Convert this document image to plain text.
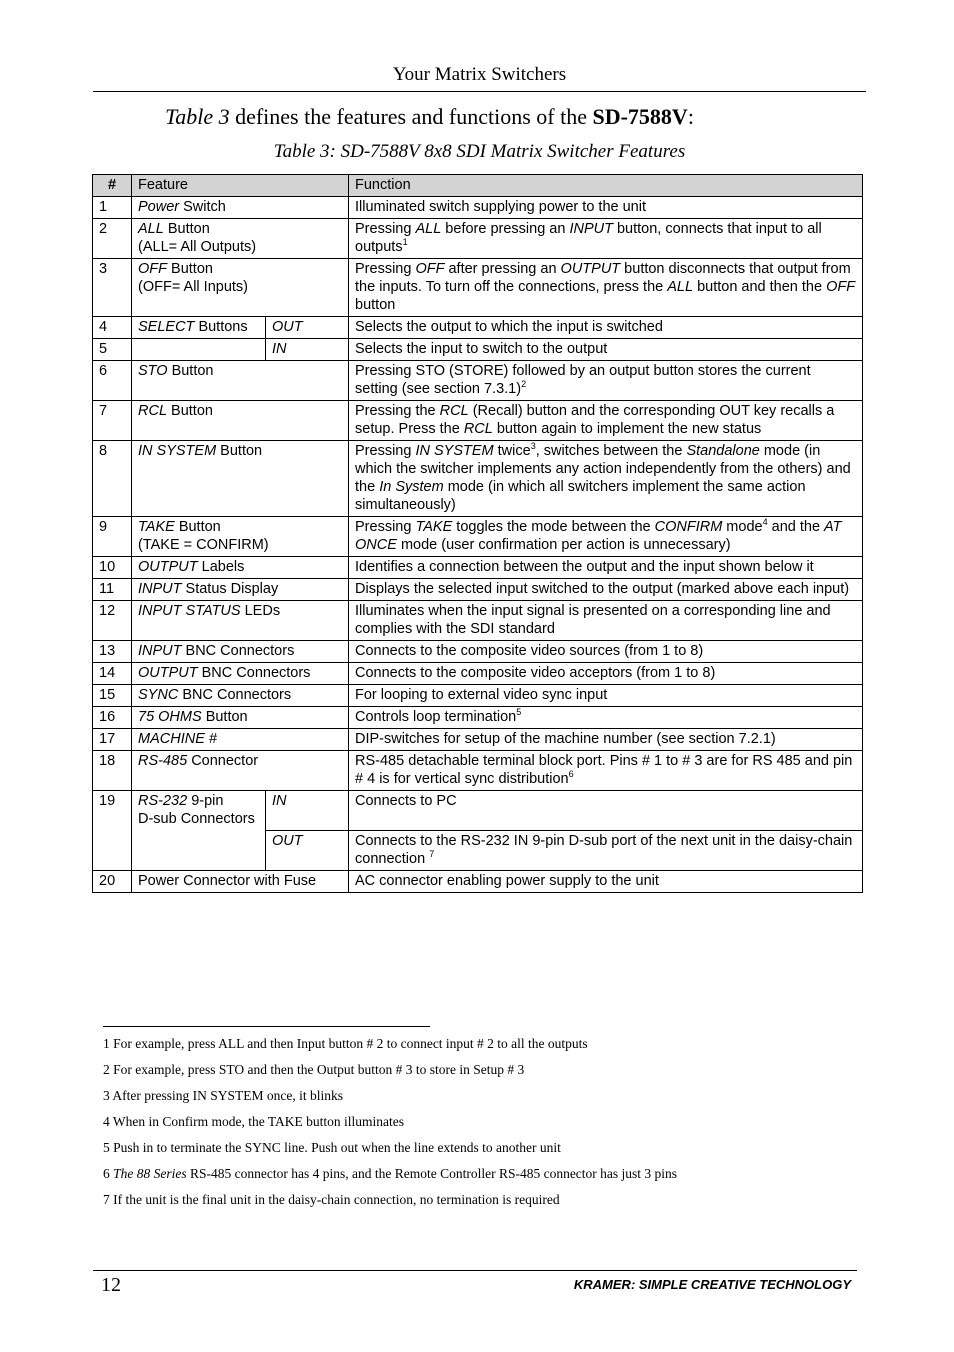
Your Matrix Switchers
Table 3 defines the features and functions of the SD-7588V:
Table 3: SD-7588V 8x8 SDI Matrix Switcher Features
#	Feature		Function
1	Power Switch		Illuminated switch supplying power to the unit
2	ALL Button
(ALL= All Outputs)		Pressing ALL before pressing an INPUT button, connects that input to all outputs$^1$
3	OFF Button
(OFF= All Inputs)		Pressing OFF after pressing an OUTPUT button disconnects that output from the inputs. To turn off the connections, press the ALL button and then the OFF button
4	SELECT Buttons	OUT	Selects the output to which the input is switched
5		IN	Selects the input to switch to the output
6	STO Button		Pressing STO (STORE) followed by an output button stores the current setting (see section 7.3.1)$^2$
7	RCL Button		Pressing the RCL (Recall) button and the corresponding OUT key recalls a setup. Press the RCL button again to implement the new status
8	IN SYSTEM Button		Pressing IN SYSTEM twice$^3$, switches between the Standalone mode (in which the switcher implements any action independently from the others) and the In System mode (in which all switchers implement the same action simultaneously)
9	TAKE Button
(TAKE = CONFIRM)		Pressing TAKE toggles the mode between the CONFIRM mode$^4$ and the AT ONCE mode (user confirmation per action is unnecessary)
10	OUTPUT Labels		Identifies a connection between the output and the input shown below it
11	INPUT Status Display		Displays the selected input switched to the output (marked above each input)
12	INPUT STATUS LEDs		Illuminates when the input signal is presented on a corresponding line and complies with the SDI standard
13	INPUT BNC Connectors		Connects to the composite video sources (from 1 to 8)
14	OUTPUT BNC Connectors		Connects to the composite video acceptors (from 1 to 8)
15	SYNC BNC Connectors		For looping to external video sync input
16	75 OHMS Button		Controls loop termination$^5$
17	MACHINE #		DIP-switches for setup of the machine number (see section 7.2.1)
18	RS-485 Connector		RS-485 detachable terminal block port. Pins # 1 to # 3 are for RS 485 and pin # 4 is for vertical sync distribution$^6$
19	RS-232 9-pin
D-sub Connectors	IN	Connects to PC
		OUT	Connects to the RS-232 IN 9-pin D-sub port of the next unit in the daisy-chain connection $^7$
20	Power Connector with Fuse		AC connector enabling power supply to the unit
1 For example, press ALL and then Input button # 2 to connect input # 2 to all the outputs
2 For example, press STO and then the Output button # 3 to store in Setup # 3
3 After pressing IN SYSTEM once, it blinks
4 When in Confirm mode, the TAKE button illuminates
5 Push in to terminate the SYNC line. Push out when the line extends to another unit
6 The 88 Series RS-485 connector has 4 pins, and the Remote Controller RS-485 connector has just 3 pins
7 If the unit is the final unit in the daisy-chain connection, no termination is required
12	KRAMER: SIMPLE CREATIVE TECHNOLOGY
